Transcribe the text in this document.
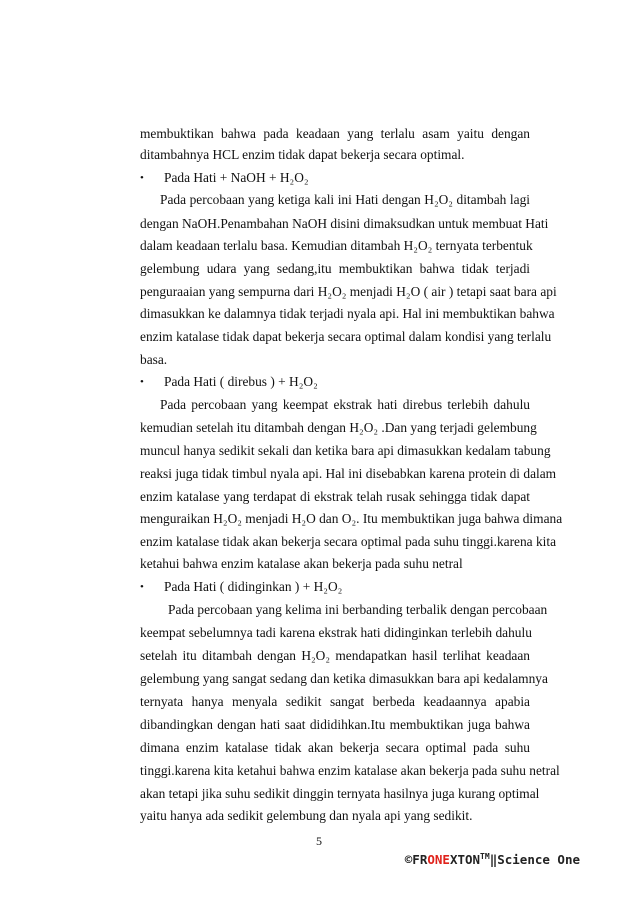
membuktikan bahwa pada keadaan yang terlalu asam yaitu dengan
ditambahnya HCL enzim tidak dapat bekerja secara optimal.
• Pada Hati + NaOH + H₂O₂
Pada percobaan yang ketiga kali ini Hati dengan H₂O₂ ditambah lagi
dengan NaOH.Penambahan NaOH disini dimaksudkan untuk membuat Hati
dalam keadaan terlalu basa. Kemudian ditambah H₂O₂ ternyata terbentuk
gelembung udara yang sedang,itu membuktikan bahwa tidak terjadi
penguraaian yang sempurna dari H₂O₂ menjadi H₂O ( air ) tetapi saat bara api
dimasukkan ke dalamnya tidak terjadi nyala api. Hal ini membuktikan bahwa
enzim katalase tidak dapat bekerja secara optimal dalam kondisi yang terlalu
basa.
• Pada Hati ( direbus ) + H₂O₂
Pada percobaan yang keempat ekstrak hati direbus terlebih dahulu
kemudian setelah itu ditambah dengan H₂O₂ .Dan yang terjadi gelembung
muncul hanya sedikit sekali dan ketika bara api dimasukkan kedalam tabung
reaksi juga tidak timbul nyala api. Hal ini disebabkan karena protein di dalam
enzim katalase yang terdapat di ekstrak telah rusak sehingga tidak dapat
menguraikan H₂O₂ menjadi H₂O dan O₂. Itu membuktikan juga bahwa dimana
enzim katalase tidak akan bekerja secara optimal pada suhu tinggi.karena kita
ketahui bahwa enzim katalase akan bekerja pada suhu netral
• Pada Hati ( didinginkan ) + H₂O₂
Pada percobaan yang kelima ini berbanding terbalik dengan percobaan
keempat sebelumnya tadi karena ekstrak hati didinginkan terlebih dahulu
setelah itu ditambah dengan H₂O₂ mendapatkan hasil terlihat keadaan
gelembung yang sangat sedang dan ketika dimasukkan bara api kedalamnya
ternyata hanya menyala sedikit sangat berbeda keadaannya apabia
dibandingkan dengan hati saat dididihkan.Itu membuktikan juga bahwa
dimana enzim katalase tidak akan bekerja secara optimal pada suhu
tinggi.karena kita ketahui bahwa enzim katalase akan bekerja pada suhu netral
akan tetapi jika suhu sedikit dinggin ternyata hasilnya juga kurang optimal
yaitu hanya ada sedikit gelembung dan nyala api yang sedikit.
5
©FRONEXTON™‖Science One
